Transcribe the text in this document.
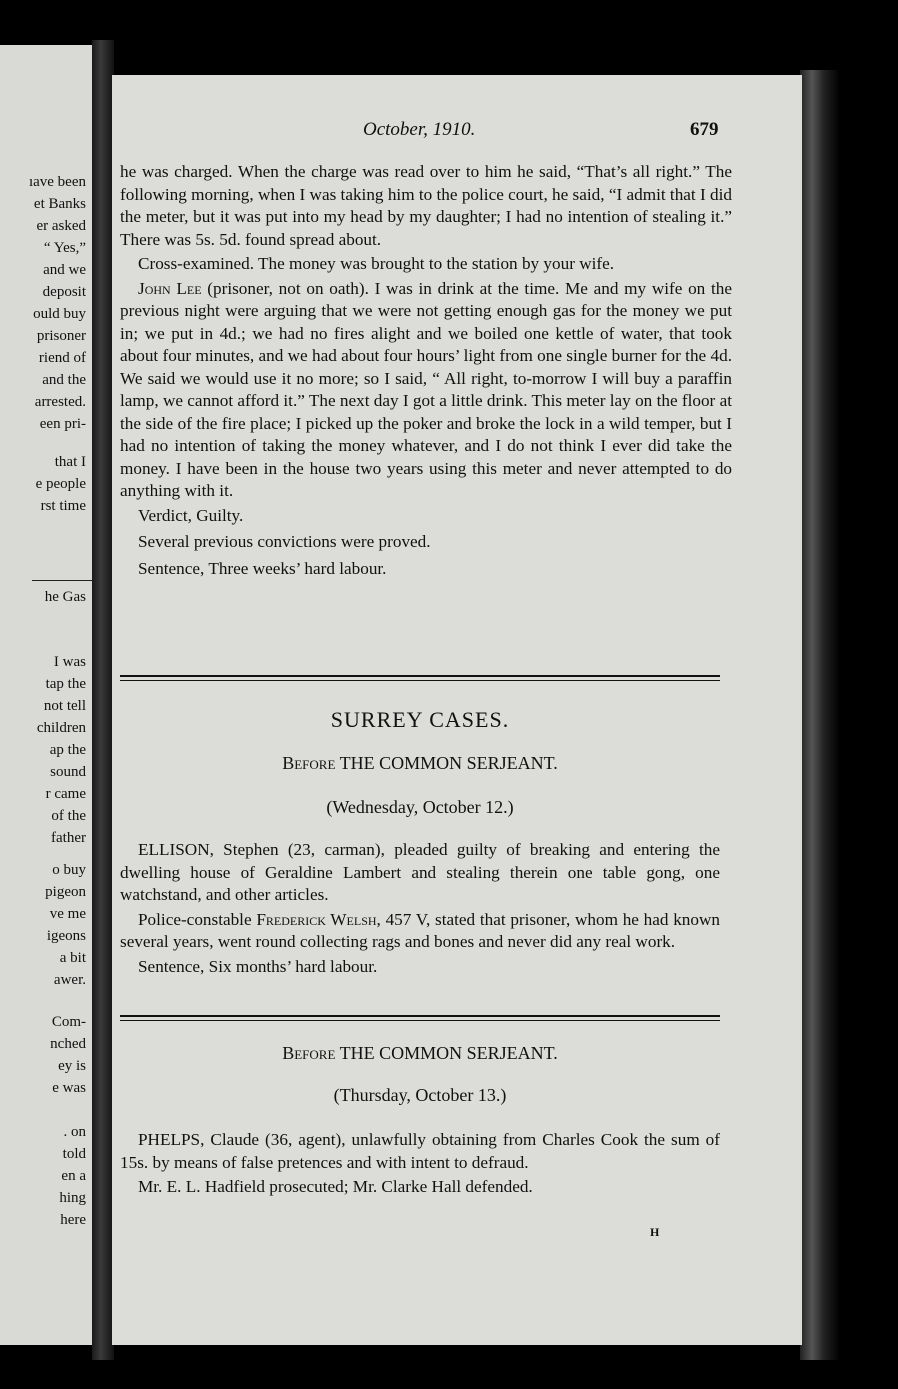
ıave been
et Banks
er asked
“ Yes,”
and we
deposit
ould buy
prisoner
riend of
and the
arrested.
een pri-
that I
e people
rst time
he Gas
I was
tap the
not tell
children
ap the
sound
r came
of the
father
o buy
pigeon
ve me
igeons
a bit
awer.
Com-
nched
ey is
e was
. on
told
en a
hing
here
October, 1910.	679

he was charged. When the charge was read over to him he said, “That’s all right.” The following morning, when I was taking him to the police court, he said, “I admit that I did the meter, but it was put into my head by my daughter; I had no intention of stealing it.” There was 5s. 5d. found spread about.

Cross-examined. The money was brought to the station by your wife.

John Lee (prisoner, not on oath). I was in drink at the time. Me and my wife on the previous night were arguing that we were not getting enough gas for the money we put in; we put in 4d.; we had no fires alight and we boiled one kettle of water, that took about four minutes, and we had about four hours’ light from one single burner for the 4d. We said we would use it no more; so I said, “ All right, to-morrow I will buy a paraffin lamp, we cannot afford it.” The next day I got a little drink. This meter lay on the floor at the side of the fire place; I picked up the poker and broke the lock in a wild temper, but I had no intention of taking the money whatever, and I do not think I ever did take the money. I have been in the house two years using this meter and never attempted to do anything with it.

Verdict, Guilty.

Several previous convictions were proved.

Sentence, Three weeks’ hard labour.

SURREY CASES.
Before THE COMMON SERJEANT.
(Wednesday, October 12.)

ELLISON, Stephen (23, carman), pleaded guilty of breaking and entering the dwelling house of Geraldine Lambert and stealing therein one table gong, one watchstand, and other articles.

Police-constable Frederick Welsh, 457 V, stated that prisoner, whom he had known several years, went round collecting rags and bones and never did any real work.

Sentence, Six months’ hard labour.

Before THE COMMON SERJEANT.
(Thursday, October 13.)

PHELPS, Claude (36, agent), unlawfully obtaining from Charles Cook the sum of 15s. by means of false pretences and with intent to defraud.

Mr. E. L. Hadfield prosecuted; Mr. Clarke Hall defended.

H
